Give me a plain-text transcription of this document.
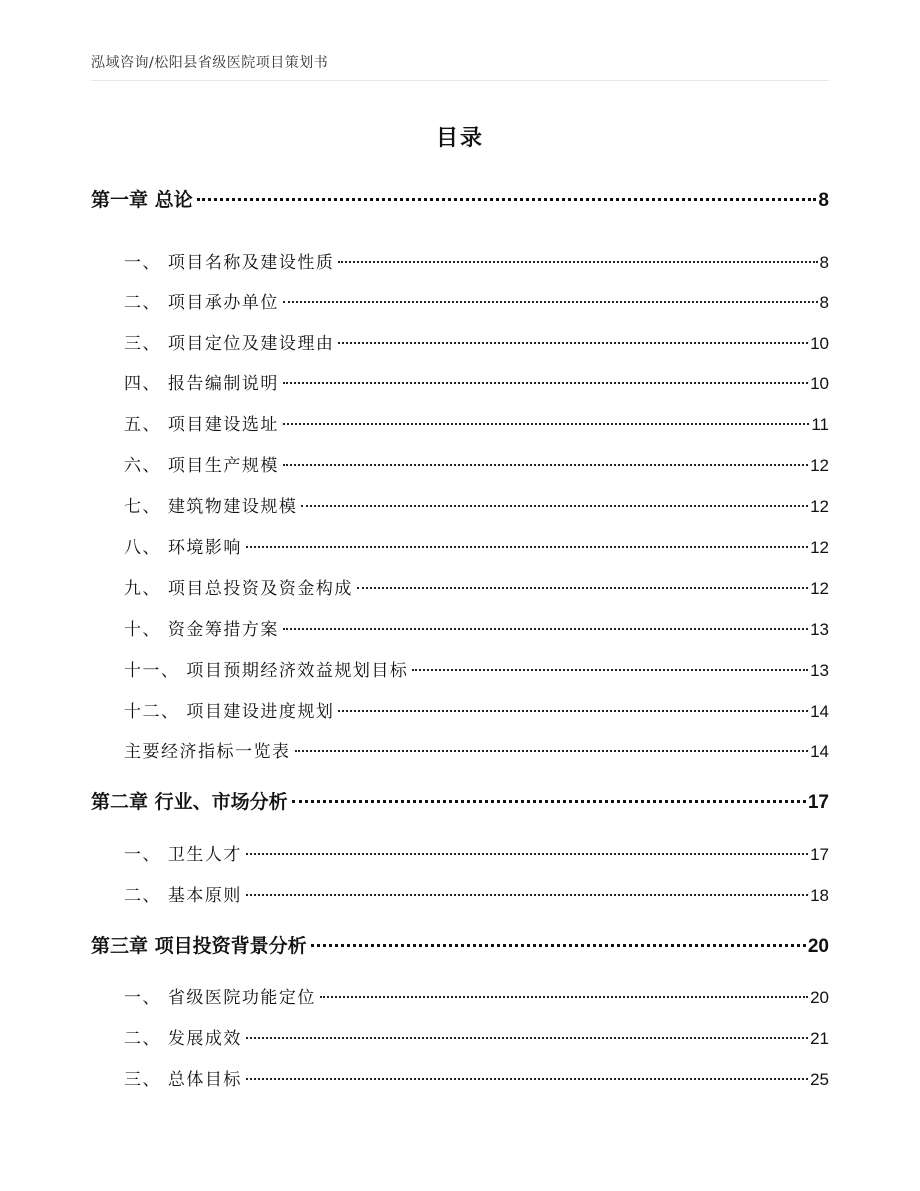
泓域咨询/松阳县省级医院项目策划书
目录
第一章 总论	8
一、 项目名称及建设性质	8
二、 项目承办单位	8
三、 项目定位及建设理由	10
四、 报告编制说明	10
五、 项目建设选址	11
六、 项目生产规模	12
七、 建筑物建设规模	12
八、 环境影响	12
九、 项目总投资及资金构成	12
十、 资金筹措方案	13
十一、 项目预期经济效益规划目标	13
十二、 项目建设进度规划	14
主要经济指标一览表	14
第二章 行业、市场分析	17
一、 卫生人才	17
二、 基本原则	18
第三章 项目投资背景分析	20
一、 省级医院功能定位	20
二、 发展成效	21
三、 总体目标	25
